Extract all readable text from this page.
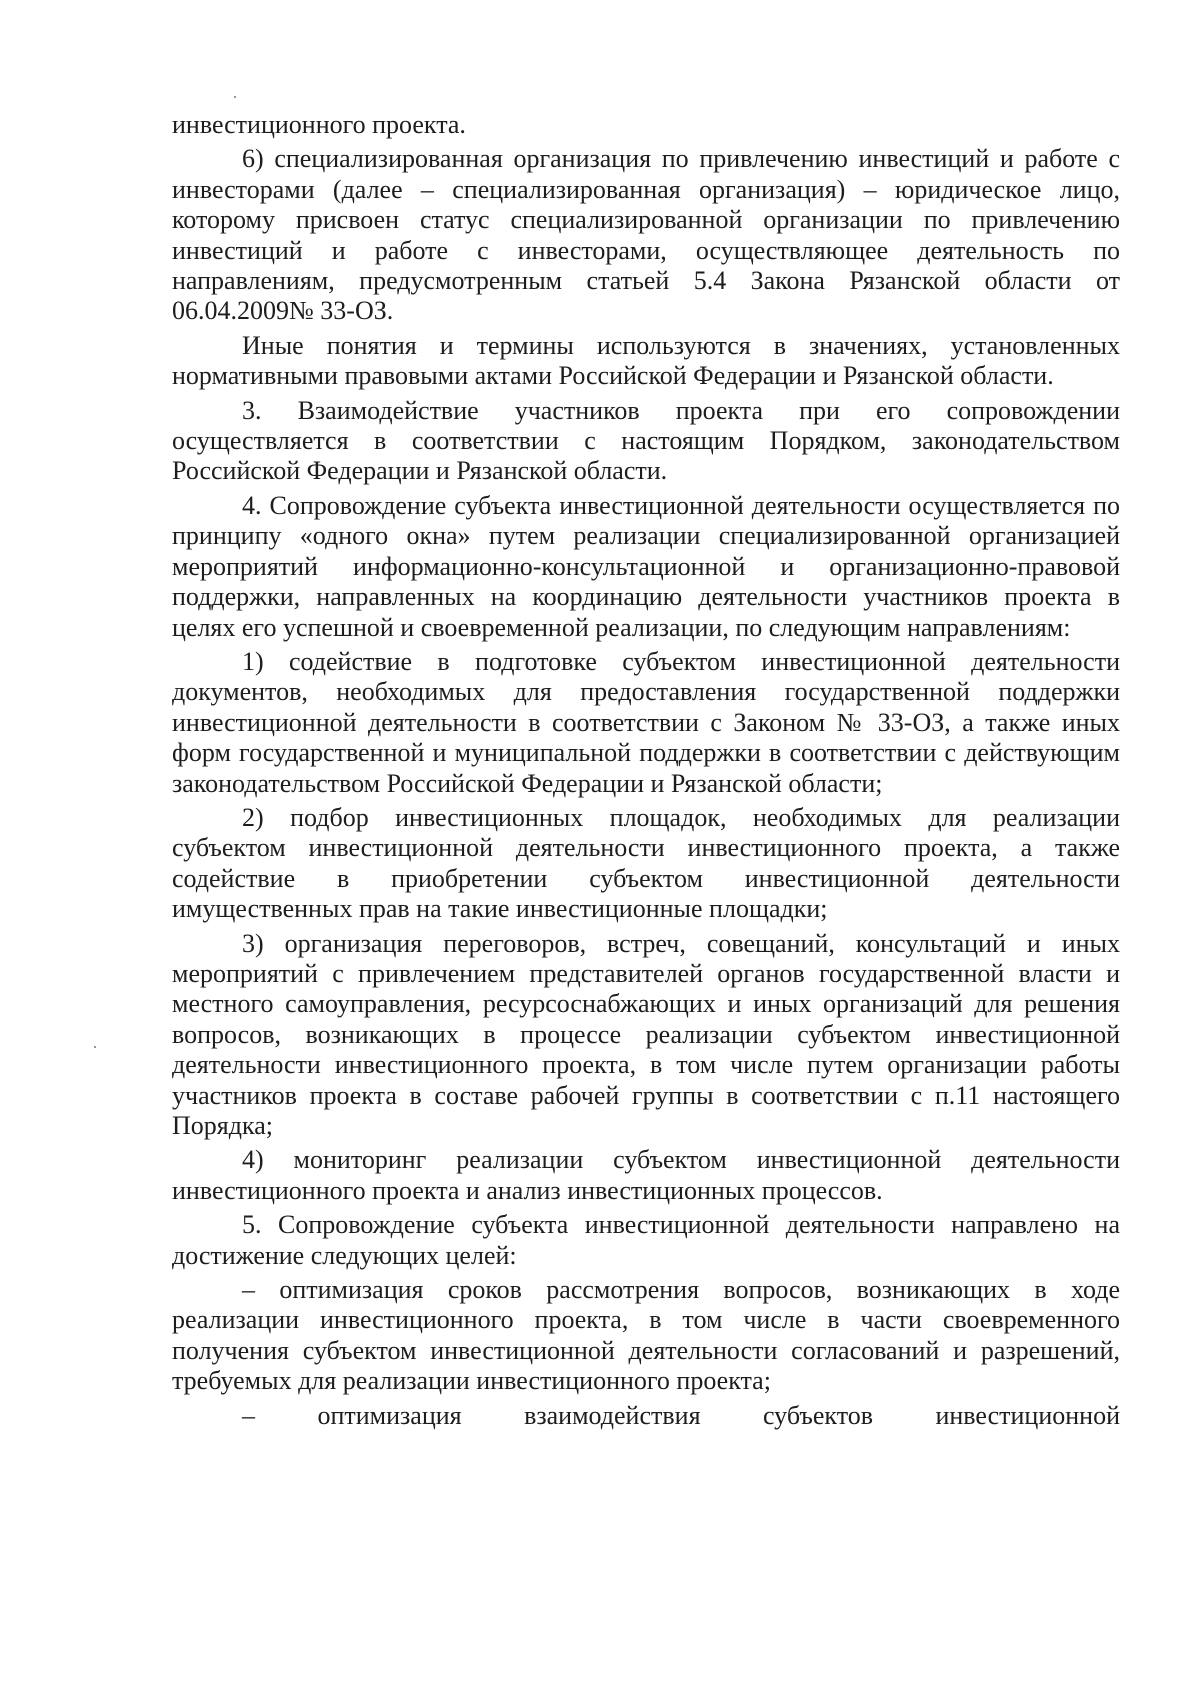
инвестиционного проекта.

6) специализированная организация по привлечению инвестиций и работе с инвесторами (далее – специализированная организация) – юридическое лицо, которому присвоен статус специализированной организации по привлечению инвестиций и работе с инвесторами, осуществляющее деятельность по направлениям, предусмотренным статьей 5.4 Закона Рязанской области от 06.04.2009№ 33-ОЗ.

Иные понятия и термины используются в значениях, установленных нормативными правовыми актами Российской Федерации и Рязанской области.

3. Взаимодействие участников проекта при его сопровождении осуществляется в соответствии с настоящим Порядком, законодательством Российской Федерации и Рязанской области.

4. Сопровождение субъекта инвестиционной деятельности осуществляется по принципу «одного окна» путем реализации специализированной организацией мероприятий информационно-консультационной и организационно-правовой поддержки, направленных на координацию деятельности участников проекта в целях его успешной и своевременной реализации, по следующим направлениям:

1) содействие в подготовке субъектом инвестиционной деятельности документов, необходимых для предоставления государственной поддержки инвестиционной деятельности в соответствии с Законом № 33-ОЗ, а также иных форм государственной и муниципальной поддержки в соответствии с действующим законодательством Российской Федерации и Рязанской области;

2) подбор инвестиционных площадок, необходимых для реализации субъектом инвестиционной деятельности инвестиционного проекта, а также содействие в приобретении субъектом инвестиционной деятельности имущественных прав на такие инвестиционные площадки;

3) организация переговоров, встреч, совещаний, консультаций и иных мероприятий с привлечением представителей органов государственной власти и местного самоуправления, ресурсоснабжающих и иных организаций для решения вопросов, возникающих в процессе реализации субъектом инвестиционной деятельности инвестиционного проекта, в том числе путем организации работы участников проекта в составе рабочей группы в соответствии с п.11 настоящего Порядка;

4) мониторинг реализации субъектом инвестиционной деятельности инвестиционного проекта и анализ инвестиционных процессов.

5. Сопровождение субъекта инвестиционной деятельности направлено на достижение следующих целей:

– оптимизация сроков рассмотрения вопросов, возникающих в ходе реализации инвестиционного проекта, в том числе в части своевременного получения субъектом инвестиционной деятельности согласований и разрешений, требуемых для реализации инвестиционного проекта;

– оптимизация взаимодействия субъектов инвестиционной
